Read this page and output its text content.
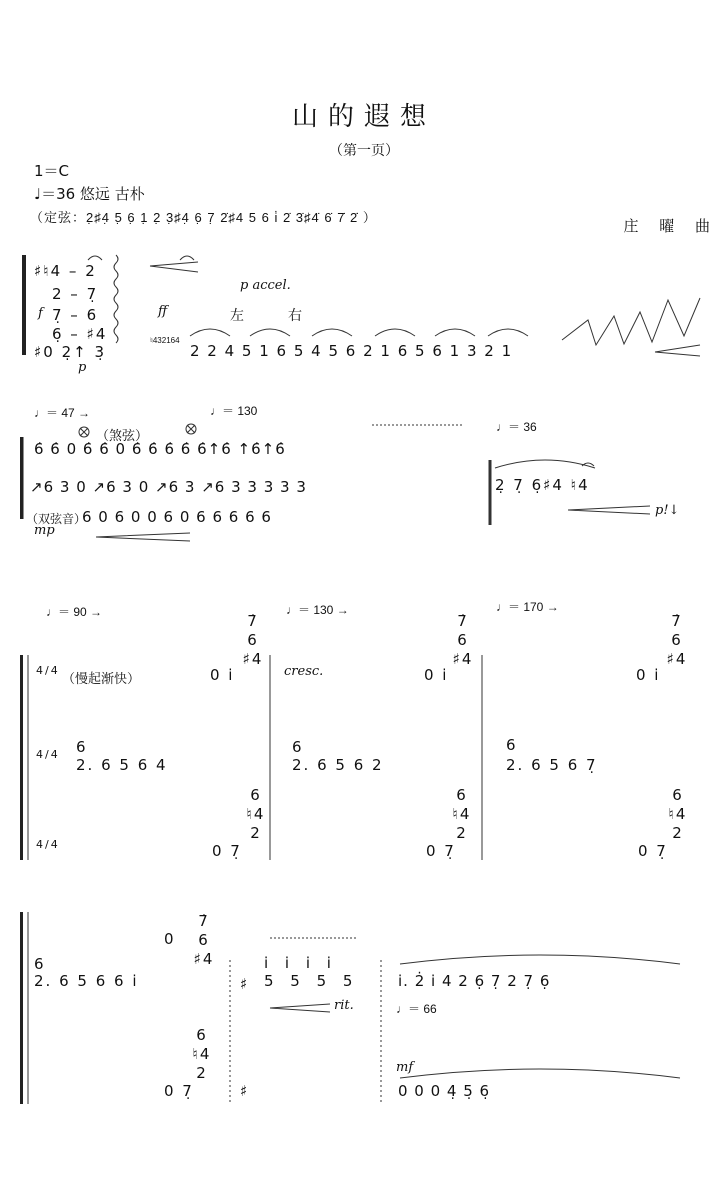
山的遐想
（第一页）
1＝C
♩＝36 悠远 古朴
（定弦：2̣♯4̣ 5̣ 6̣ 1̣ 2̣ 3̣♯4̣ 6̣ 7̣ 2̇♯4 5 6 i̇ 2̇ 3̇♯4̇ 6̇ 7̇ 2̇̇ ）	庄 曜 曲
♯♮4 – 2
2 – 7̣
f 7̣ – 6
6̣ – ♯4
♯0 2̣↑ 3̣
p
ff
p accel.
左	右
♮432164
2 2 4 5 1 6 5 4 5 6 2 1 6 5 6 1 3 2 1
♩＝ 47 →	♩＝ 130
♩＝ 36
（煞弦）
6̇ 6̇ 0 6̇ 6̇ 0 6̇ 6̇ 6̇ 6̇ 6̇↑6̇ ↑6̇↑6̇
↗6 3 0 ↗6 3 0 ↗6 3 ↗6 3 3 3 3 3
（双弦音）
6 0 6 0 0 6 0 6 6 6 6 6
mp
2̣ 7̣ 6̣♯4 ♮4
p!↓
♩＝ 90 →	♩＝ 130 →	♩＝ 170 →
7̇
6
♯4
7̇
6
♯4
7̇
6
♯4
4/4
（慢起渐快）	cresc.
0 i	0 i	0 i
6	6	6
4/4
2. 6 5 6 4	2. 6 5 6 2	2. 6 5 6 7̣
6
♮4
2
6
♮4
2
6
♮4
2
4/4	0 7̣	0 7̣	0 7̣
0
7̇
6
♯4
6
2. 6 5 6 6 i	♯
i i i i
5 5 5 5
rit.
i. 2̇ i 4 2 6̣ 7̣ 2 7̣ 6̣
♩＝ 66
6
♮4
2
0 7̣	♯
mf
0 0 0 4̣ 5̣ 6̣
